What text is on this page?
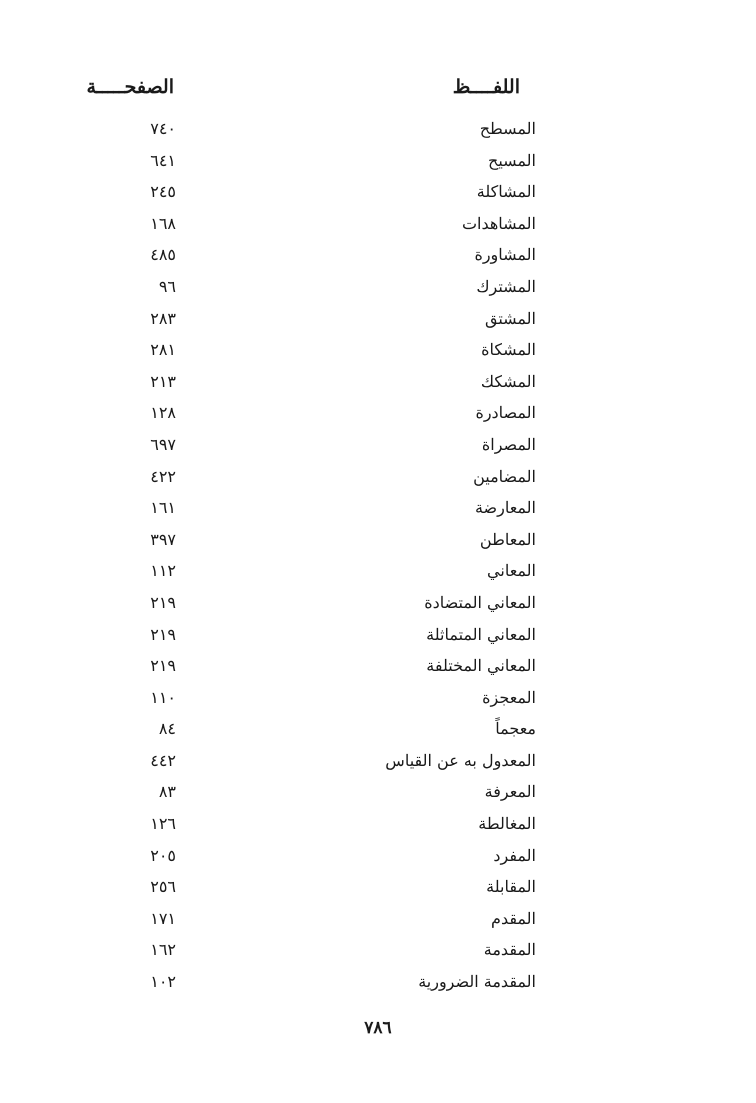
اللفــــظ
الصفحـــــة
المسطح
٧٤٠
المسيح
٦٤١
المشاكلة
٢٤٥
المشاهدات
١٦٨
المشاورة
٤٨٥
المشترك
٩٦
المشتق
٢٨٣
المشكاة
٢٨١
المشكك
٢١٣
المصادرة
١٢٨
المصراة
٦٩٧
المضامين
٤٢٢
المعارضة
١٦١
المعاطن
٣٩٧
المعاني
١١٢
المعاني المتضادة
٢١٩
المعاني المتماثلة
٢١٩
المعاني المختلفة
٢١٩
المعجزة
١١٠
معجماً
٨٤
المعدول به عن القياس
٤٤٢
المعرفة
٨٣
المغالطة
١٢٦
المفرد
٢٠٥
المقابلة
٢٥٦
المقدم
١٧١
المقدمة
١٦٢
المقدمة الضرورية
١٠٢
٧٨٦
